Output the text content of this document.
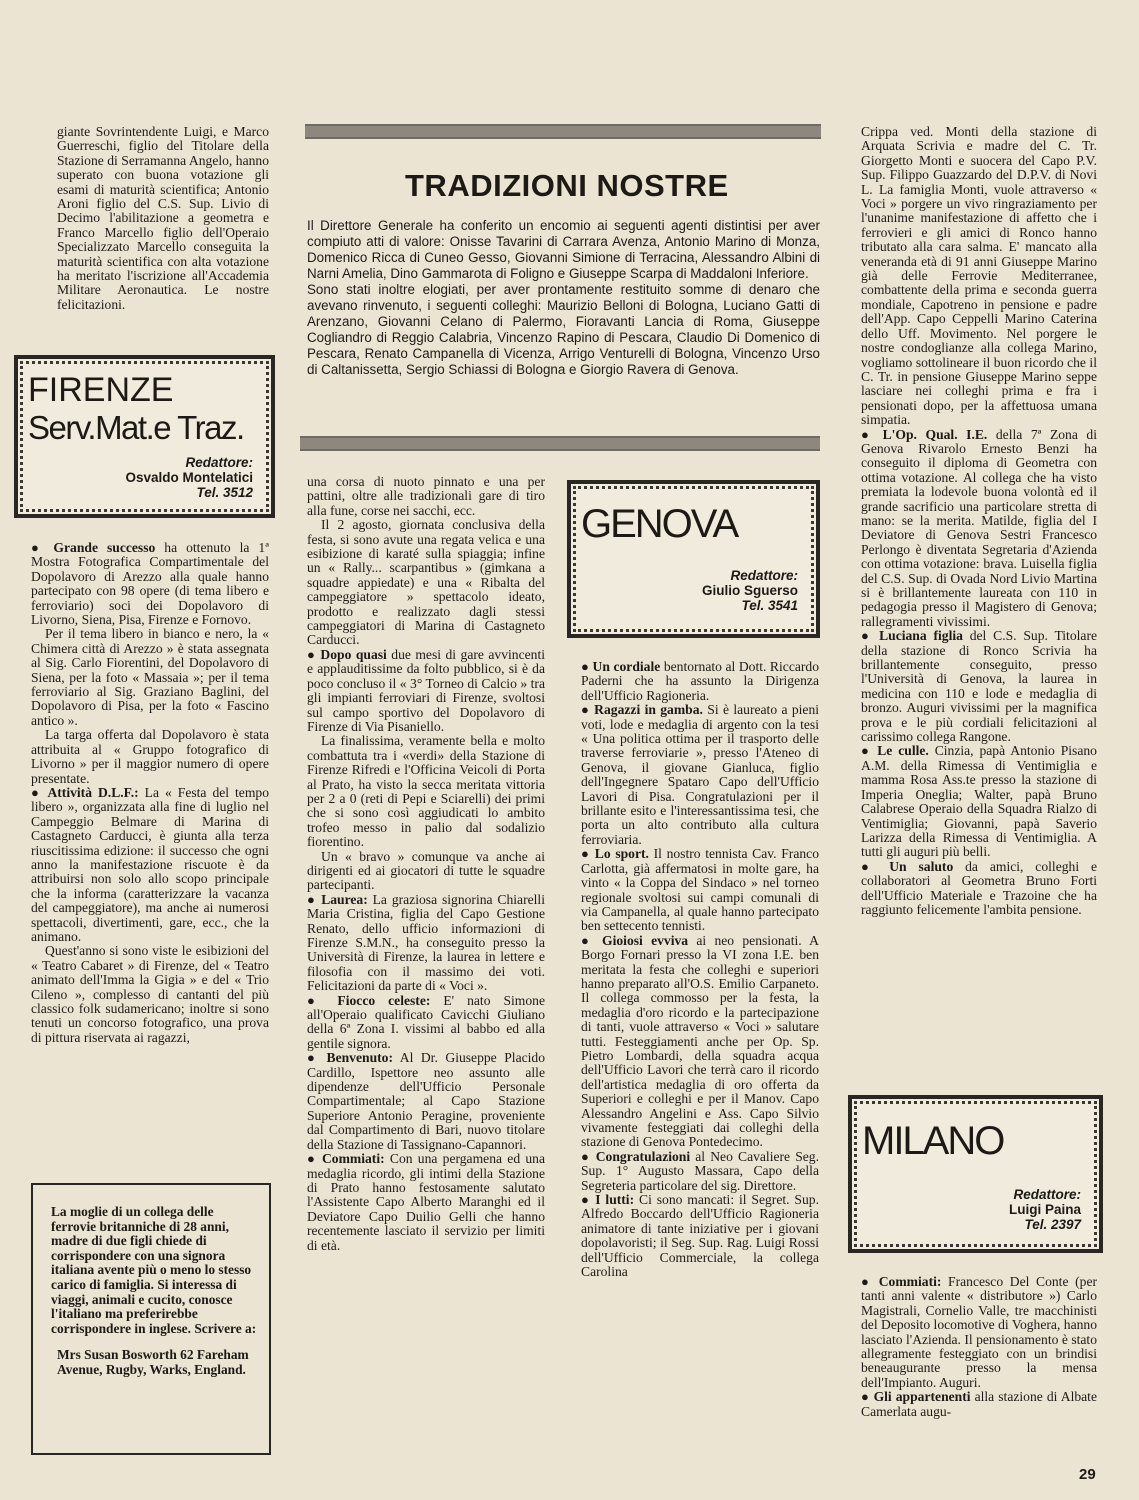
giante Sovrintendente Luigi, e Marco Guerreschi, figlio del Titolare della Stazione di Serramanna Angelo, hanno superato con buona votazione gli esami di maturità scientifica; Antonio Aroni figlio del C.S. Sup. Livio di Decimo l'abilitazione a geometra e Franco Marcello figlio dell'Operaio Specializzato Marcello conseguita la maturità scientifica con alta votazione ha meritato l'iscrizione all'Accademia Militare Aeronautica. Le nostre felicitazioni.

FIRENZE
Serv.Mat.e Traz.
Redattore:
Osvaldo Montelatici
Tel. 3512

● Grande successo ha ottenuto la 1ª Mostra Fotografica Compartimentale del Dopolavoro di Arezzo alla quale hanno partecipato con 98 opere (di tema libero e ferroviario) soci dei Dopolavoro di Livorno, Siena, Pisa, Firenze e Fornovo.

Per il tema libero in bianco e nero, la « Chimera città di Arezzo » è stata assegnata al Sig. Carlo Fiorentini, del Dopolavoro di Siena, per la foto « Massaia »; per il tema ferroviario al Sig. Graziano Baglini, del Dopolavoro di Pisa, per la foto « Fascino antico ».

La targa offerta dal Dopolavoro è stata attribuita al « Gruppo fotografico di Livorno » per il maggior numero di opere presentate.

● Attività D.L.F.: La « Festa del tempo libero », organizzata alla fine di luglio nel Campeggio Belmare di Marina di Castagneto Carducci, è giunta alla terza riuscitissima edizione: il successo che ogni anno la manifestazione riscuote è da attribuirsi non solo allo scopo principale che la informa (caratterizzare la vacanza del campeggiatore), ma anche ai numerosi spettacoli, divertimenti, gare, ecc., che la animano.

Quest'anno si sono viste le esibizioni del « Teatro Cabaret » di Firenze, del « Teatro animato dell'Imma la Gigia » e del « Trio Cileno », complesso di cantanti del più classico folk sudamericano; inoltre si sono tenuti un concorso fotografico, una prova di pittura riservata ai ragazzi,

La moglie di un collega delle ferrovie britanniche di 28 anni, madre di due figli chiede di corrispondere con una signora italiana avente più o meno lo stesso carico di famiglia. Si interessa di viaggi, animali e cucito, conosce l'italiano ma preferirebbe corrispondere in inglese. Scrivere a:
Mrs Susan Bosworth 62 Fareham Avenue, Rugby, Warks, England.
TRADIZIONI NOSTRE

Il Direttore Generale ha conferito un encomio ai seguenti agenti distintisi per aver compiuto atti di valore: Onisse Tavarini di Carrara Avenza, Antonio Marino di Monza, Domenico Ricca di Cuneo Gesso, Giovanni Simione di Terracina, Alessandro Albini di Narni Amelia, Dino Gammarota di Foligno e Giuseppe Scarpa di Maddaloni Inferiore.

Sono stati inoltre elogiati, per aver prontamente restituito somme di denaro che avevano rinvenuto, i seguenti colleghi: Maurizio Belloni di Bologna, Luciano Gatti di Arenzano, Giovanni Celano di Palermo, Fioravanti Lancia di Roma, Giuseppe Cogliandro di Reggio Calabria, Vincenzo Rapino di Pescara, Claudio Di Domenico di Pescara, Renato Campanella di Vicenza, Arrigo Venturelli di Bologna, Vincenzo Urso di Caltanissetta, Sergio Schiassi di Bologna e Giorgio Ravera di Genova.

una corsa di nuoto pinnato e una per pattini, oltre alle tradizionali gare di tiro alla fune, corse nei sacchi, ecc.

Il 2 agosto, giornata conclusiva della festa, si sono avute una regata velica e una esibizione di karaté sulla spiaggia; infine un « Rally... scarpantibus » (gimkana a squadre appiedate) e una « Ribalta del campeggiatore » spettacolo ideato, prodotto e realizzato dagli stessi campeggiatori di Marina di Castagneto Carducci.

● Dopo quasi due mesi di gare avvincenti e applauditissime da folto pubblico, si è da poco concluso il « 3° Torneo di Calcio » tra gli impianti ferroviari di Firenze, svoltosi sul campo sportivo del Dopolavoro di Firenze di Via Pisaniello.

La finalissima, veramente bella e molto combattuta tra i «verdi» della Stazione di Firenze Rifredi e l'Officina Veicoli di Porta al Prato, ha visto la secca meritata vittoria per 2 a 0 (reti di Pepi e Sciarelli) dei primi che si sono così aggiudicati lo ambito trofeo messo in palio dal sodalizio fiorentino.

Un « bravo » comunque va anche ai dirigenti ed ai giocatori di tutte le squadre partecipanti.

● Laurea: La graziosa signorina Chiarelli Maria Cristina, figlia del Capo Gestione Renato, dello ufficio informazioni di Firenze S.M.N., ha conseguito presso la Università di Firenze, la laurea in lettere e filosofia con il massimo dei voti. Felicitazioni da parte di « Voci ».

● Fiocco celeste: E' nato Simone all'Operaio qualificato Cavicchi Giuliano della 6ª Zona I. vissimi al babbo ed alla gentile signora.

● Benvenuto: Al Dr. Giuseppe Placido Cardillo, Ispettore neo assunto alle dipendenze dell'Ufficio Personale Compartimentale; al Capo Stazione Superiore Antonio Peragine, proveniente dal Compartimento di Bari, nuovo titolare della Stazione di Tassignano-Capannori.

● Commiati: Con una pergamena ed una medaglia ricordo, gli intimi della Stazione di Prato hanno festosamente salutato l'Assistente Capo Alberto Maranghi ed il Deviatore Capo Duilio Gelli che hanno recentemente lasciato il servizio per limiti di età.

GENOVA
Redattore:
Giulio Sguerso
Tel. 3541

● Un cordiale bentornato al Dott. Riccardo Paderni che ha assunto la Dirigenza dell'Ufficio Ragioneria.

● Ragazzi in gamba. Si è laureato a pieni voti, lode e medaglia di argento con la tesi « Una politica ottima per il trasporto delle traverse ferroviarie », presso l'Ateneo di Genova, il giovane Gianluca, figlio dell'Ingegnere Spataro Capo dell'Ufficio Lavori di Pisa. Congratulazioni per il brillante esito e l'interessantissima tesi, che porta un alto contributo alla cultura ferroviaria.

● Lo sport. Il nostro tennista Cav. Franco Carlotta, già affermatosi in molte gare, ha vinto « la Coppa del Sindaco » nel torneo regionale svoltosi sui campi comunali di via Campanella, al quale hanno partecipato ben settecento tennisti.

● Gioiosi evviva ai neo pensionati. A Borgo Fornari presso la VI zona I.E. ben meritata la festa che colleghi e superiori hanno preparato all'O.S. Emilio Carpaneto. Il collega commosso per la festa, la medaglia d'oro ricordo e la partecipazione di tanti, vuole attraverso « Voci » salutare tutti. Festeggiamenti anche per Op. Sp. Pietro Lombardi, della squadra acqua dell'Ufficio Lavori che terrà caro il ricordo dell'artistica medaglia di oro offerta da Superiori e colleghi e per il Manov. Capo Alessandro Angelini e Ass. Capo Silvio vivamente festeggiati dai colleghi della stazione di Genova Pontedecimo.

● Congratulazioni al Neo Cavaliere Seg. Sup. 1° Augusto Massara, Capo della Segreteria particolare del sig. Direttore.

● I lutti: Ci sono mancati: il Segret. Sup. Alfredo Boccardo dell'Ufficio Ragioneria animatore di tante iniziative per i giovani dopolavoristi; il Seg. Sup. Rag. Luigi Rossi dell'Ufficio Commerciale, la collega Carolina

Crippa ved. Monti della stazione di Arquata Scrivia e madre del C. Tr. Giorgetto Monti e suocera del Capo P.V. Sup. Filippo Guazzardo del D.P.V. di Novi L. La famiglia Monti, vuole attraverso « Voci » porgere un vivo ringraziamento per l'unanime manifestazione di affetto che i ferrovieri e gli amici di Ronco hanno tributato alla cara salma. E' mancato alla veneranda età di 91 anni Giuseppe Marino già delle Ferrovie Mediterranee, combattente della prima e seconda guerra mondiale, Capotreno in pensione e padre dell'App. Capo Ceppelli Marino Caterina dello Uff. Movimento. Nel porgere le nostre condoglianze alla collega Marino, vogliamo sottolineare il buon ricordo che il C. Tr. in pensione Giuseppe Marino seppe lasciare nei colleghi prima e fra i pensionati dopo, per la affettuosa umana simpatia.

● L'Op. Qual. I.E. della 7ª Zona di Genova Rivarolo Ernesto Benzi ha conseguito il diploma di Geometra con ottima votazione. Al collega che ha visto premiata la lodevole buona volontà ed il grande sacrificio una particolare stretta di mano: se la merita. Matilde, figlia del I Deviatore di Genova Sestri Francesco Perlongo è diventata Segretaria d'Azienda con ottima votazione: brava. Luisella figlia del C.S. Sup. di Ovada Nord Livio Martina si è brillantemente laureata con 110 in pedagogia presso il Magistero di Genova; rallegramenti vivissimi.

● Luciana figlia del C.S. Sup. Titolare della stazione di Ronco Scrivia ha brillantemente conseguito, presso l'Università di Genova, la laurea in medicina con 110 e lode e medaglia di bronzo. Auguri vivissimi per la magnifica prova e le più cordiali felicitazioni al carissimo collega Rangone.

● Le culle. Cinzia, papà Antonio Pisano A.M. della Rimessa di Ventimiglia e mamma Rosa Ass.te presso la stazione di Imperia Oneglia; Walter, papà Bruno Calabrese Operaio della Squadra Rialzo di Ventimiglia; Giovanni, papà Saverio Larizza della Rimessa di Ventimiglia. A tutti gli auguri più belli.

● Un saluto da amici, colleghi e collaboratori al Geometra Bruno Forti dell'Ufficio Materiale e Trazoine che ha raggiunto felicemente l'ambita pensione.

MILANO
Redattore:
Luigi Paina
Tel. 2397

● Commiati: Francesco Del Conte (per tanti anni valente « distributore ») Carlo Magistrali, Cornelio Valle, tre macchinisti del Deposito locomotive di Voghera, hanno lasciato l'Azienda. Il pensionamento è stato allegramente festeggiato con un brindisi beneaugurante presso la mensa dell'Impianto. Auguri.

● Gli appartenenti alla stazione di Albate Camerlata augu-

29
